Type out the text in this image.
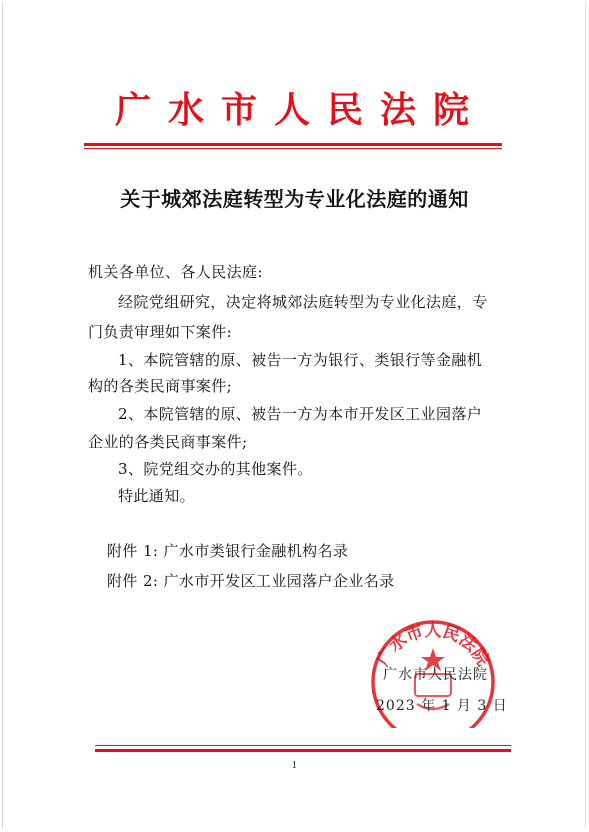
广水市人民法院
关于城郊法庭转型为专业化法庭的通知
机关各单位、各人民法庭:
经院党组研究，决定将城郊法庭转型为专业化法庭，专
门负责审理如下案件:
1、本院管辖的原、被告一方为银行、类银行等金融机
构的各类民商事案件;
2、本院管辖的原、被告一方为本市开发区工业园落户
企业的各类民商事案件;
3、院党组交办的其他案件。
特此通知。
附件 1: 广水市类银行金融机构名录
附件 2: 广水市开发区工业园落户企业名录
广水市人民法院
广水市人民法院
2023 年 1 月 3 日
1
